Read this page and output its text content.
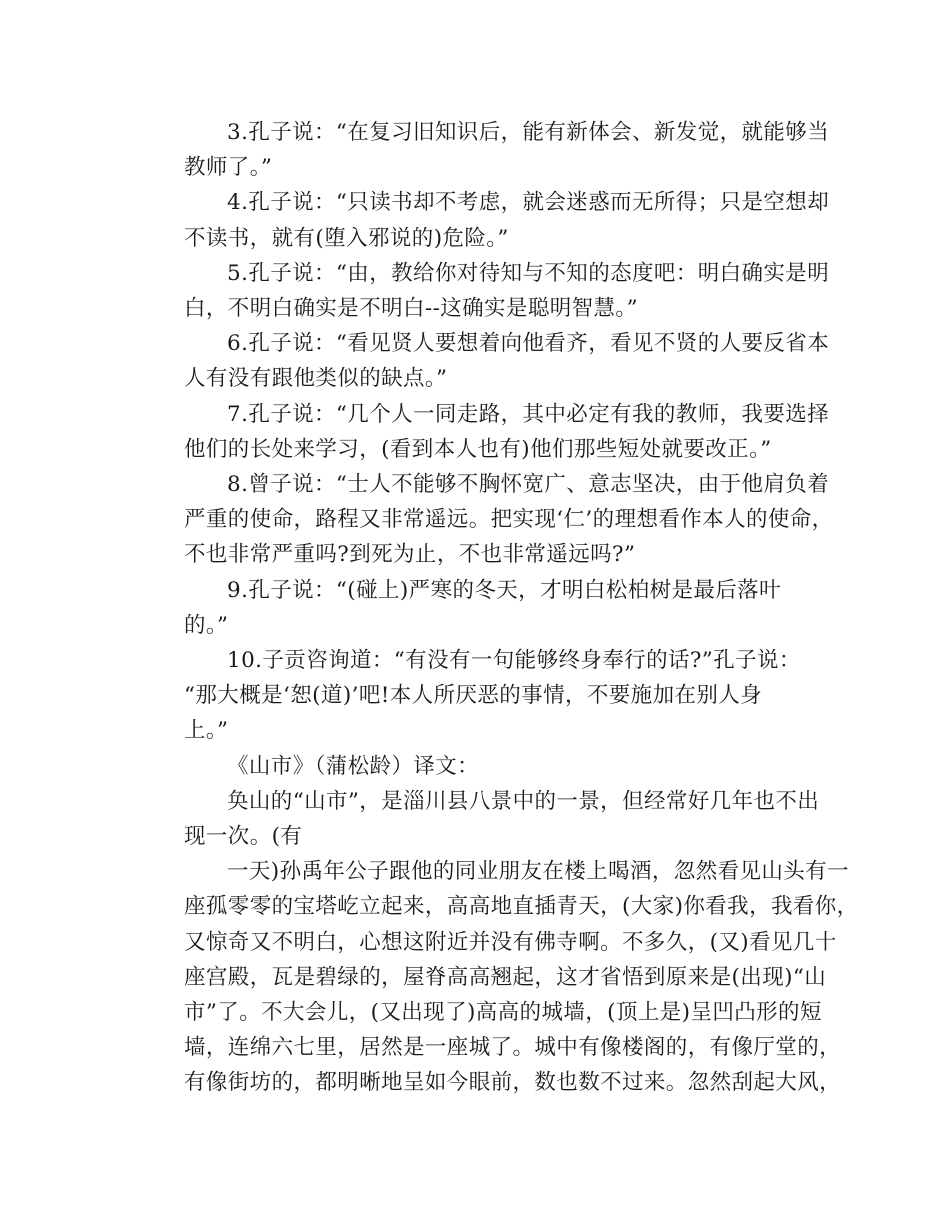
3.孔子说：“在复习旧知识后，能有新体会、新发觉，就能够当
教师了。”
4.孔子说：“只读书却不考虑，就会迷惑而无所得；只是空想却
不读书，就有(堕入邪说的)危险。”
5.孔子说：“由，教给你对待知与不知的态度吧：明白确实是明
白，不明白确实是不明白--这确实是聪明智慧。”
6.孔子说：“看见贤人要想着向他看齐，看见不贤的人要反省本
人有没有跟他类似的缺点。”
7.孔子说：“几个人一同走路，其中必定有我的教师，我要选择
他们的长处来学习，(看到本人也有)他们那些短处就要改正。”
8.曾子说：“士人不能够不胸怀宽广、意志坚决，由于他肩负着
严重的使命，路程又非常遥远。把实现‘仁’的理想看作本人的使命，
不也非常严重吗?到死为止，不也非常遥远吗?”
9.孔子说：“(碰上)严寒的冬天，才明白松柏树是最后落叶
的。”
10.子贡咨询道：“有没有一句能够终身奉行的话?”孔子说：
“那大概是‘恕(道)’吧!本人所厌恶的事情，不要施加在别人身
上。”
《山市》（蒲松龄）译文：
奂山的“山市”，是淄川县八景中的一景，但经常好几年也不出
现一次。(有
一天)孙禹年公子跟他的同业朋友在楼上喝酒，忽然看见山头有一
座孤零零的宝塔屹立起来，高高地直插青天，(大家)你看我，我看你，
又惊奇又不明白，心想这附近并没有佛寺啊。不多久，(又)看见几十
座宫殿，瓦是碧绿的，屋脊高高翘起，这才省悟到原来是(出现)“山
市”了。不大会儿，(又出现了)高高的城墙，(顶上是)呈凹凸形的短
墙，连绵六七里，居然是一座城了。城中有像楼阁的，有像厅堂的，
有像街坊的，都明晰地呈如今眼前，数也数不过来。忽然刮起大风，
